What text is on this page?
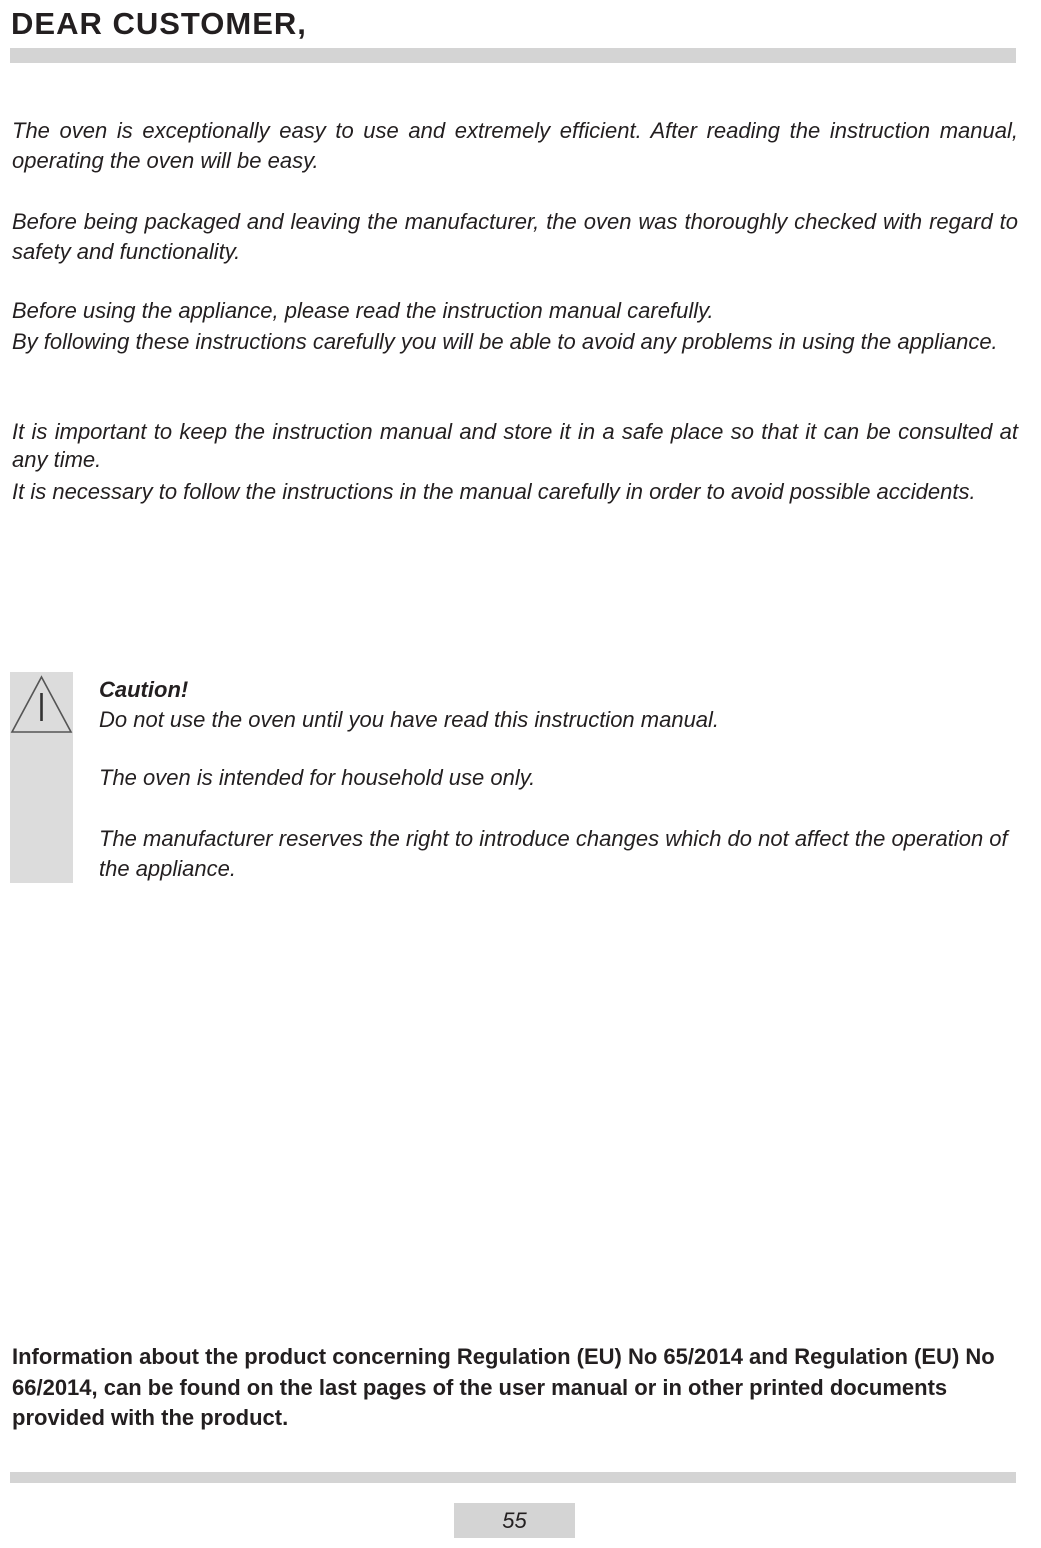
DEAR CUSTOMER,

The oven is exceptionally easy to use and extremely efficient. After reading the instruction manual, operating the oven will be easy.

Before being packaged and leaving the manufacturer, the oven was thoroughly checked with regard to safety and functionality.

Before using the appliance, please read the instruction manual carefully.

By following these instructions carefully you will be able to avoid any problems in using the appliance.

It is important to keep the instruction manual and store it in a safe place so that it can be consulted at any time.

It is necessary to follow the instructions in the manual carefully in order to avoid possible accidents.

Caution!

Do not use the oven until you have read this instruction manual.

The oven is intended for household use only.

The manufacturer reserves the right to introduce changes which do not affect the operation of the appliance.

Information about the product concerning Regulation (EU) No 65/2014 and Regulation (EU) No 66/2014, can be found on the last pages of the user manual or in other printed documents provided with the product.

55
